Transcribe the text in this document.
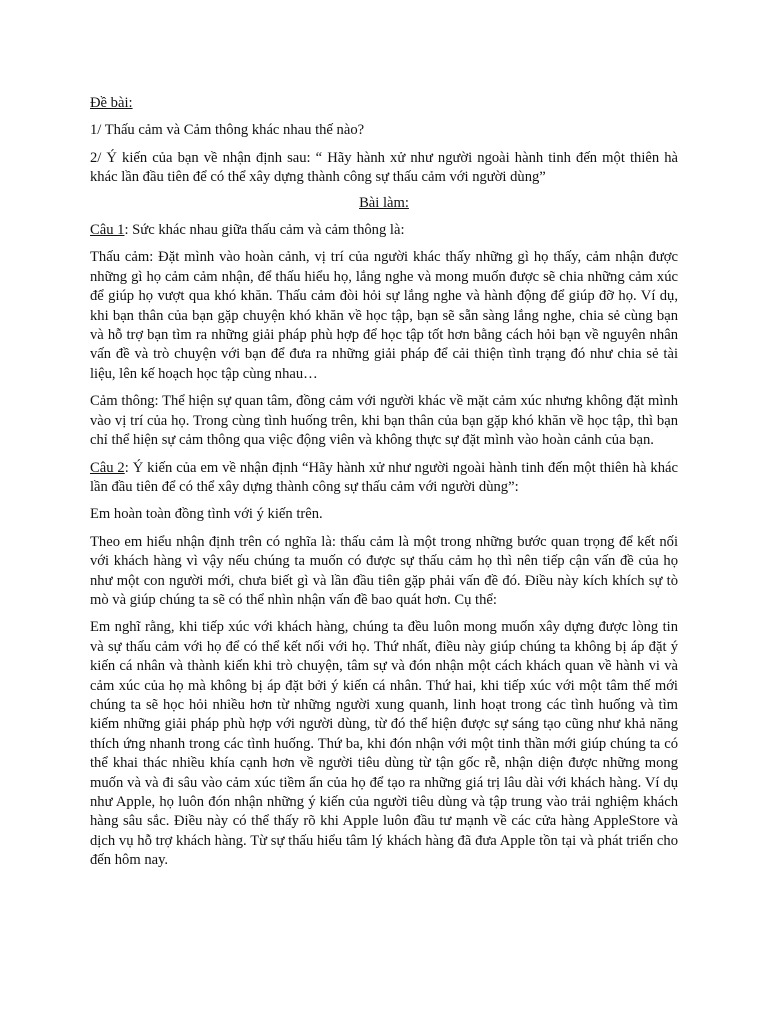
Đề bài:

1/ Thấu cảm và Cảm thông khác nhau thế nào?

2/ Ý kiến của bạn về nhận định sau: “ Hãy hành xử như người ngoài hành tinh đến một thiên hà khác lần đầu tiên để có thể xây dựng thành công sự thấu cảm với người dùng”

Bài làm:

Câu 1: Sức khác nhau giữa thấu cảm và cảm thông là:

Thấu cảm: Đặt mình vào hoàn cảnh, vị trí của người khác thấy những gì họ thấy, cảm nhận được những gì họ cảm cảm nhận, để thấu hiểu họ, lắng nghe và mong muốn được sẽ chia những cảm xúc để giúp họ vượt qua khó khăn. Thấu cảm đòi hỏi sự lắng nghe và hành động để giúp đỡ họ. Ví dụ, khi bạn thân của bạn gặp chuyện khó khăn về học tập, bạn sẽ sẵn sàng lắng nghe, chia sẻ cùng bạn và hỗ trợ bạn tìm ra những giải pháp phù hợp để học tập tốt hơn bằng cách hỏi bạn về nguyên nhân vấn đề và trò chuyện với bạn để đưa ra những giải pháp để cải thiện tình trạng đó như chia sẻ tài liệu, lên kế hoạch học tập cùng nhau…

Cảm thông: Thể hiện sự quan tâm, đồng cảm với người khác về mặt cảm xúc nhưng không đặt mình vào vị trí của họ. Trong cùng tình huống trên, khi bạn thân của bạn gặp khó khăn về học tập, thì bạn chỉ thể hiện sự cảm thông qua việc động viên và không thực sự đặt mình vào hoàn cảnh của bạn.

Câu 2: Ý kiến của em về nhận định “Hãy hành xử như người ngoài hành tinh đến một thiên hà khác lần đầu tiên để có thể xây dựng thành công sự thấu cảm với người dùng”:

Em hoàn toàn đồng tình với ý kiến trên.

Theo em hiểu nhận định trên có nghĩa là: thấu cảm là một trong những bước quan trọng để kết nối với khách hàng vì vậy nếu chúng ta muốn có được sự thấu cảm họ thì nên tiếp cận vấn đề của họ như một con người mới, chưa biết gì và lần đầu tiên gặp phải vấn đề đó. Điều này kích khích sự tò mò và giúp chúng ta sẽ có thể nhìn nhận vấn đề bao quát hơn. Cụ thể:

Em nghĩ rằng, khi tiếp xúc với khách hàng, chúng ta đều luôn mong muốn xây dựng được lòng tin và sự thấu cảm với họ để có thể kết nối với họ. Thứ nhất, điều này giúp chúng ta không bị áp đặt ý kiến cá nhân và thành kiến khi trò chuyện, tâm sự và đón nhận một cách khách quan về hành vi và cảm xúc của họ mà không bị áp đặt bởi ý kiến cá nhân. Thứ hai, khi tiếp xúc với một tâm thế mới chúng ta sẽ học hỏi nhiều hơn từ những người xung quanh, linh hoạt trong các tình huống và tìm kiếm những giải pháp phù hợp với người dùng, từ đó thể hiện được sự sáng tạo cũng như khả năng thích ứng nhanh trong các tình huống. Thứ ba, khi đón nhận với một tinh thần mới giúp chúng ta có thể khai thác nhiều khía cạnh hơn về người tiêu dùng từ tận gốc rễ, nhận diện được những mong muốn và và đi sâu vào cảm xúc tiềm ẩn của họ để tạo ra những giá trị lâu dài với khách hàng. Ví dụ như Apple, họ luôn đón nhận những ý kiến của người tiêu dùng và tập trung vào trải nghiệm khách hàng sâu sắc. Điều này có thể thấy rõ khi Apple luôn đầu tư mạnh về các cửa hàng AppleStore và dịch vụ hỗ trợ khách hàng. Từ sự thấu hiểu tâm lý khách hàng đã đưa Apple tồn tại và phát triển cho đến hôm nay.
